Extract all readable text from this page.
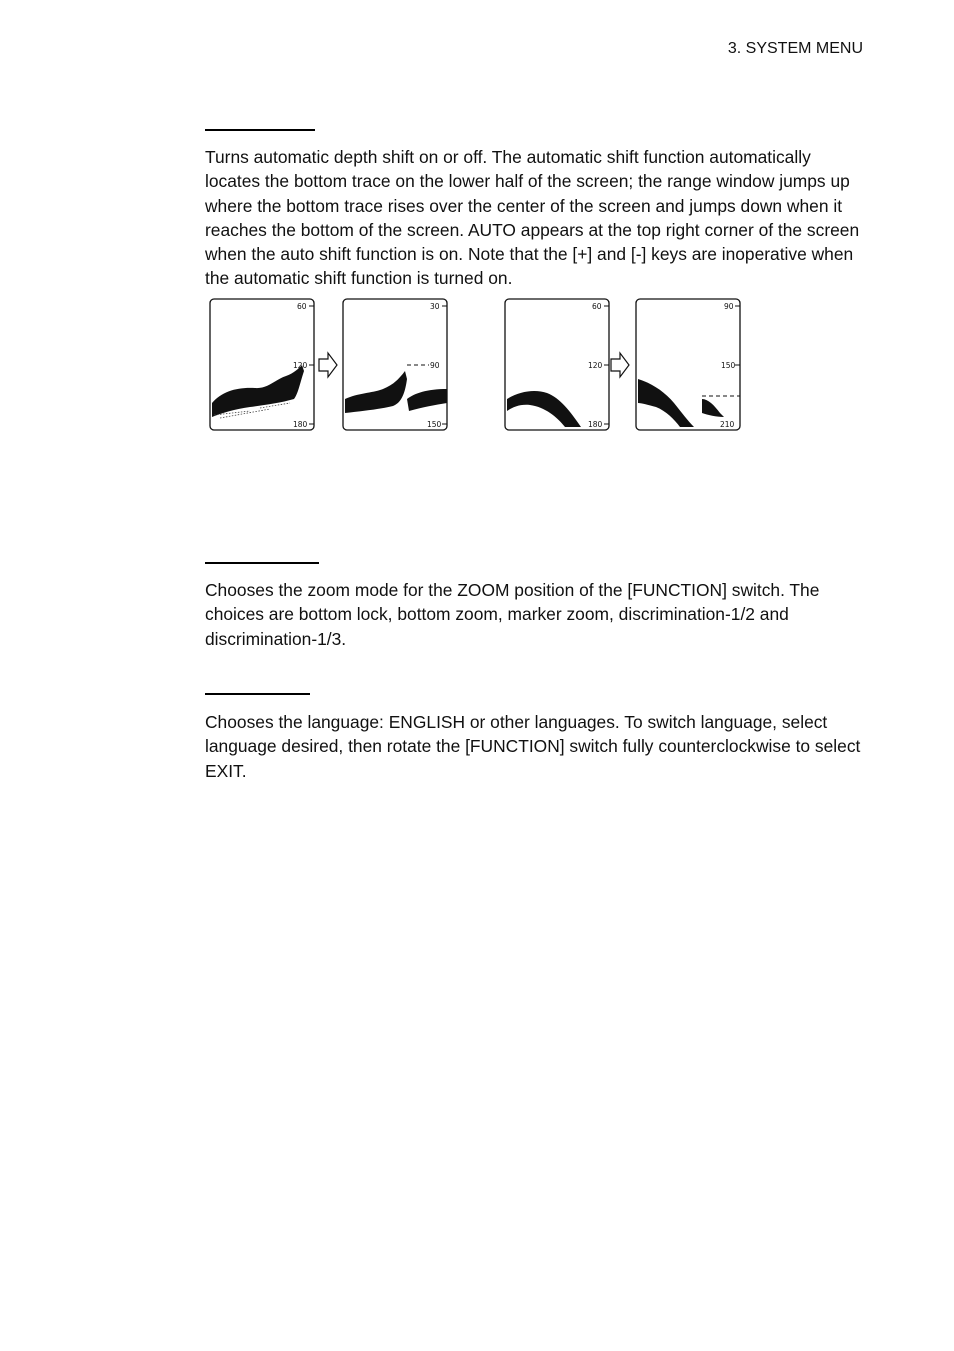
3. SYSTEM MENU

Turns automatic depth shift on or off. The automatic shift function automatically locates the bottom trace on the lower half of the screen; the range window jumps up where the bottom trace rises over the center of the screen and jumps down when it reaches the bottom of the screen. AUTO appears at the top right corner of the screen when the auto shift function is on. Note that the [+] and [-] keys are inoperative when the automatic shift function is turned on.

60
120
180
30
90
150
60
120
180
90
150
210

Chooses the zoom mode for the ZOOM position of the [FUNCTION] switch. The choices are bottom lock, bottom zoom, marker zoom, discrimination-1/2 and discrimination-1/3.

Chooses the language: ENGLISH or other languages. To switch language, select language desired, then rotate the [FUNCTION] switch fully counterclockwise to select EXIT.
